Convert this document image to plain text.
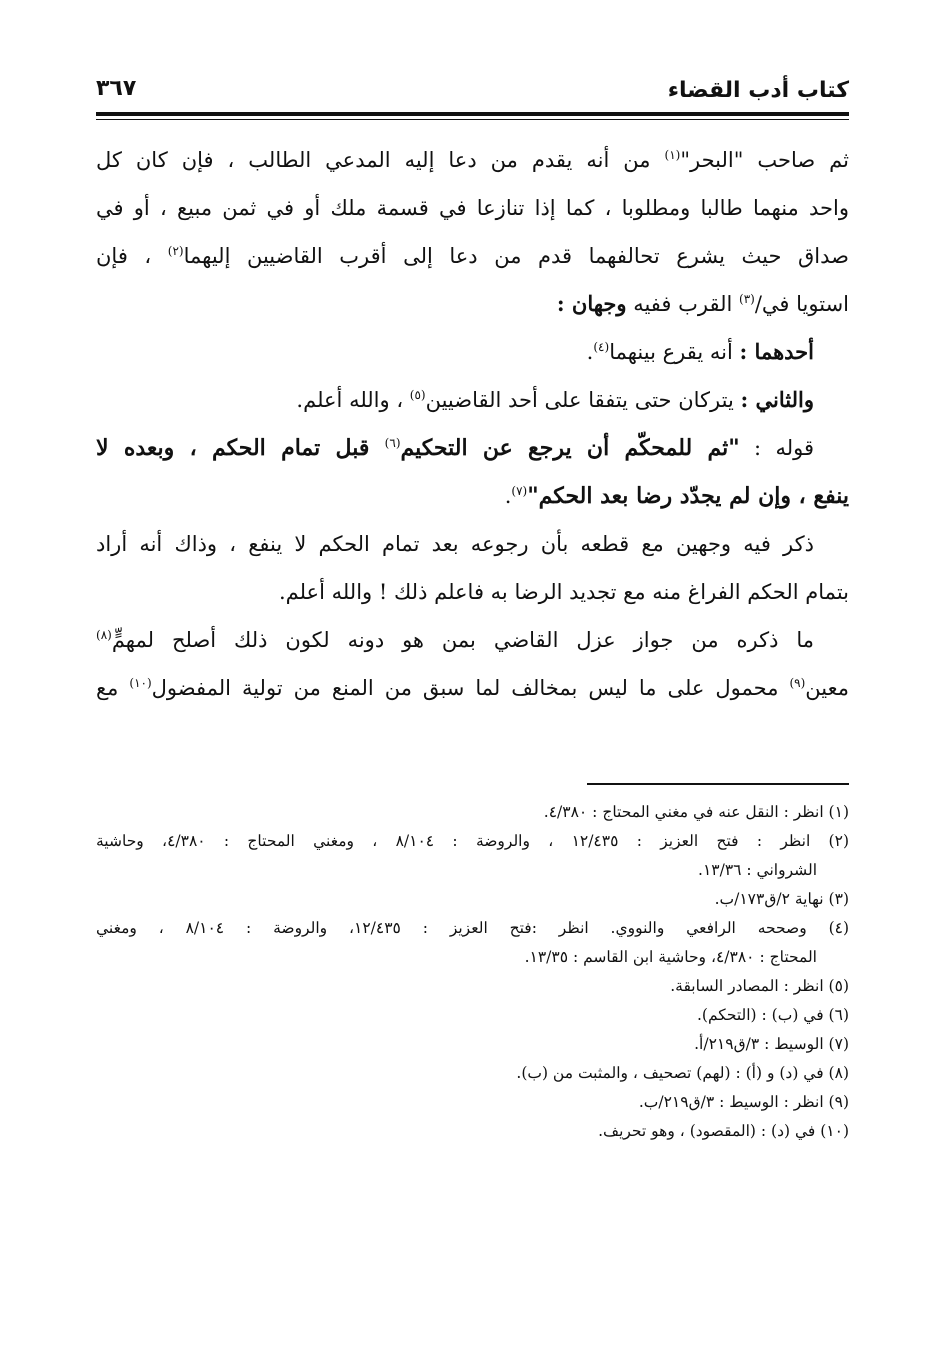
كتاب أدب القضاء
٣٦٧
ثم صاحب "البحر"$^{(١)}$ من أنه يقدم من دعا إليه المدعي الطالب ، فإن كان كل
واحد منهما طالبا ومطلوبا ، كما إذا تنازعا في قسمة ملك أو في ثمن مبيع ، أو في
صداق حيث يشرع تحالفهما قدم من دعا إلى أقرب القاضيين إليهما$^{(٢)}$ ، فإن
استويا في/$^{(٣)}$ القرب ففيه وجهان :
أحدهما : أنه يقرع بينهما$^{(٤)}$.
والثاني : يتركان حتى يتفقا على أحد القاضيين$^{(٥)}$ ، والله أعلم.
قوله : "ثم للمحكّم أن يرجع عن التحكيم$^{(٦)}$ قبل تمام الحكم ، وبعده لا
ينفع ، وإن لم يجدّد رضا بعد الحكم"$^{(٧)}$.
ذكر فيه وجهين مع قطعه بأن رجوعه بعد تمام الحكم لا ينفع ، وذاك أنه أراد
بتمام الحكم الفراغ منه مع تجديد الرضا به فاعلم ذلك ! والله أعلم.
ما ذكره من جواز عزل القاضي بمن هو دونه لكون ذلك أصلح لمهمٍّ$^{(٨)}$
معين$^{(٩)}$ محمول على ما ليس بمخالف لما سبق من المنع من تولية المفضول$^{(١٠)}$ مع
(١) انظر : النقل عنه في مغني المحتاج : ٤/٣٨٠.
(٢) انظر : فتح العزيز : ١٢/٤٣٥ ، والروضة : ٨/١٠٤ ، ومغني المحتاج : ٤/٣٨٠، وحاشية
الشرواني : ١٣/٣٦.
(٣) نهاية ٢/ق١٧٣/ب.
(٤) وصححه الرافعي والنووي. انظر :فتح العزيز : ١٢/٤٣٥، والروضة : ٨/١٠٤ ، ومغني
المحتاج : ٤/٣٨٠، وحاشية ابن القاسم : ١٣/٣٥.
(٥) انظر : المصادر السابقة.
(٦) في (ب) : (التحكم).
(٧) الوسيط : ٣/ق٢١٩/أ.
(٨) في (د) و (أ) : (لهم) تصحيف ، والمثبت من (ب).
(٩) انظر : الوسيط : ٣/ق٢١٩/ب.
(١٠) في (د) : (المقصود) ، وهو تحريف.
